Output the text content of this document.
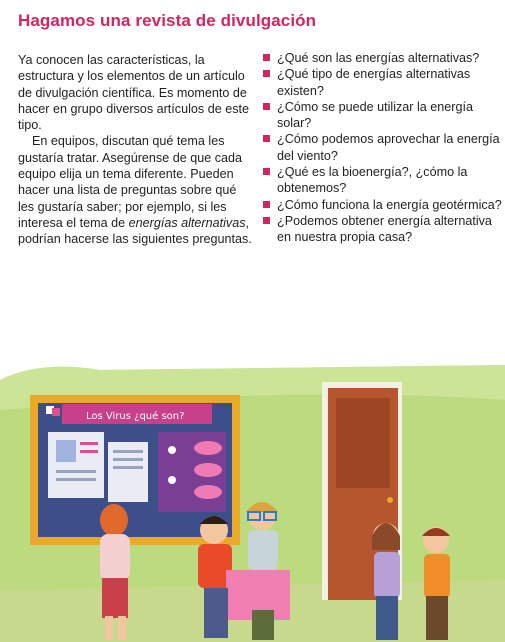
Hagamos una revista de divulgación

Ya conocen las características, la estructura y los elementos de un artículo de divulgación científica. Es momento de hacer en grupo diversos artículos de este tipo.

En equipos, discutan qué tema les gustaría tratar. Asegúrense de que cada equipo elija un tema diferente. Pueden hacer una lista de preguntas sobre qué les gustaría saber; por ejemplo, si les interesa el tema de energías alternativas, podrían hacerse las siguientes preguntas.

¿Qué son las energías alternativas?
¿Qué tipo de energías alternativas existen?
¿Cómo se puede utilizar la energía solar?
¿Cómo podemos aprovechar la energía del viento?
¿Qué es la bioenergía?, ¿cómo la obtenemos?
¿Cómo funciona la energía geotérmica?
¿Podemos obtener energía alternativa en nuestra propia casa?
Los Virus ¿qué son?
